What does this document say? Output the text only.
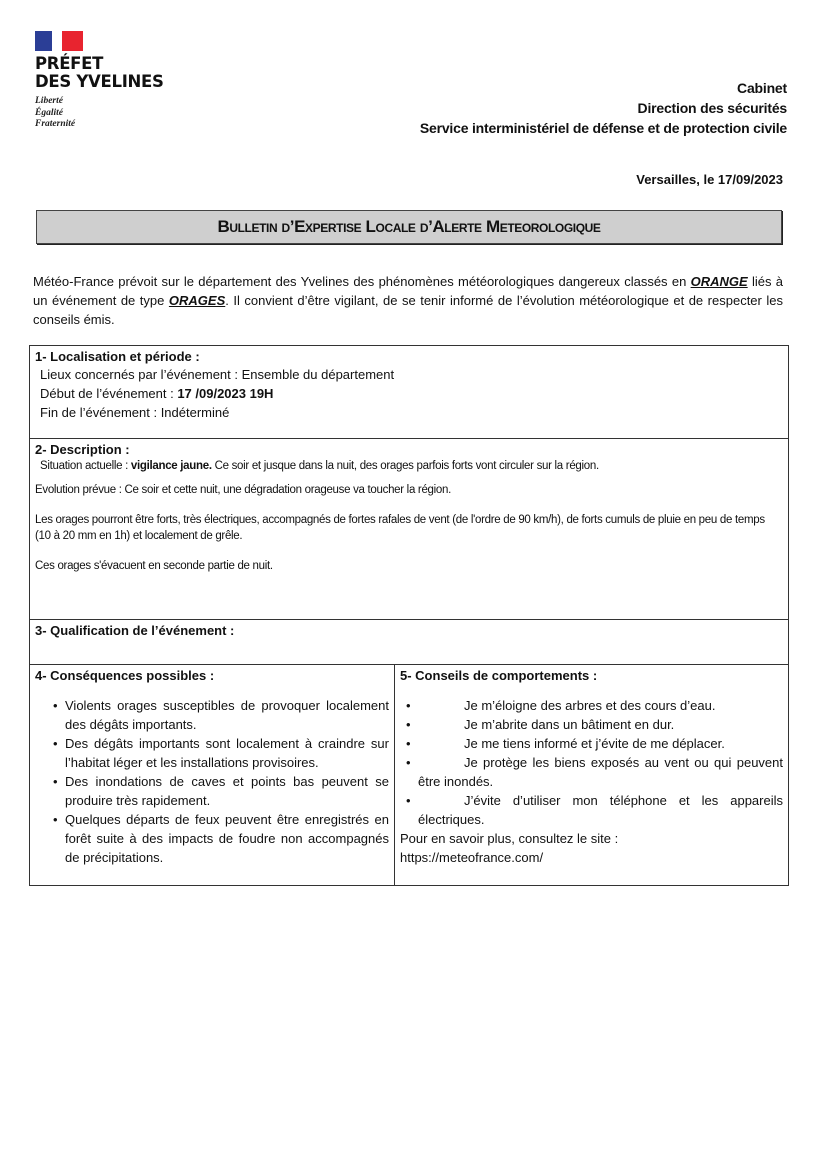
PRÉFET
DES YVELINES
Liberté
Égalité
Fraternité
Cabinet
Direction des sécurités
Service interministériel de défense et de protection civile
Versailles, le 17/09/2023
Bulletin d’Expertise Locale d’Alerte Meteorologique
Météo-France prévoit sur le département des Yvelines des phénomènes météorologiques dangereux classés en ORANGE liés à un événement de type ORAGES. Il convient d’être vigilant, de se tenir informé de l’évolution météorologique et de respecter les conseils émis.
1- Localisation et période :
Lieux concernés par l’événement : Ensemble du département
Début de l’événement : 17 /09/2023 19H
Fin de l’événement : Indéterminé

2- Description :

Situation actuelle : vigilance jaune. Ce soir et jusque dans la nuit, des orages parfois forts vont circuler sur la région.

Evolution prévue : Ce soir et cette nuit, une dégradation orageuse va toucher la région.

Les orages pourront être forts, très électriques, accompagnés de fortes rafales de vent (de l'ordre de 90 km/h), de forts cumuls de pluie en peu de temps (10 à 20 mm en 1h) et localement de grêle.

Ces orages s'évacuent en seconde partie de nuit.

3- Qualification de l’événement :

4- Conséquences possibles :
• Violents orages susceptibles de provoquer localement des dégâts importants.
• Des dégâts importants sont localement à craindre sur l’habitat léger et les installations provisoires.
• Des inondations de caves et points bas peuvent se produire très rapidement.
• Quelques départs de feux peuvent être enregistrés en forêt suite à des impacts de foudre non accompagnés de précipitations.

5- Conseils de comportements :
• Je m’éloigne des arbres et des cours d’eau.
• Je m’abrite dans un bâtiment en dur.
• Je me tiens informé et j’évite de me déplacer.
• Je protège les biens exposés au vent ou qui peuvent être inondés.
• J’évite d’utiliser mon téléphone et les appareils électriques.
Pour en savoir plus, consultez le site :
https://meteofrance.com/
